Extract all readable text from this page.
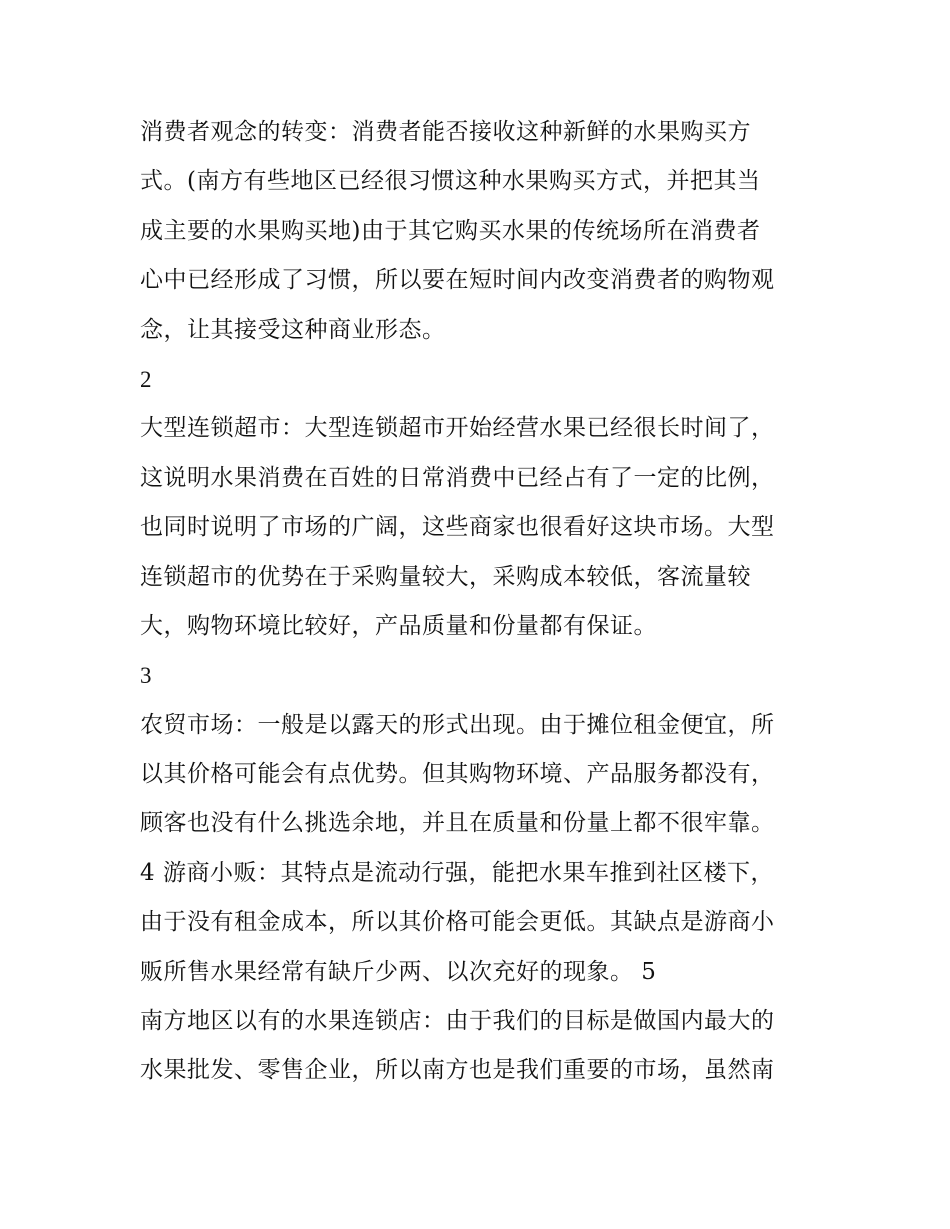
消费者观念的转变：消费者能否接收这种新鲜的水果购买方
式。(南方有些地区已经很习惯这种水果购买方式，并把其当
成主要的水果购买地)由于其它购买水果的传统场所在消费者
心中已经形成了习惯，所以要在短时间内改变消费者的购物观
念，让其接受这种商业形态。
2
大型连锁超市：大型连锁超市开始经营水果已经很长时间了，
这说明水果消费在百姓的日常消费中已经占有了一定的比例，
也同时说明了市场的广阔，这些商家也很看好这块市场。大型
连锁超市的优势在于采购量较大，采购成本较低，客流量较
大，购物环境比较好，产品质量和份量都有保证。
3
农贸市场：一般是以露天的形式出现。由于摊位租金便宜，所
以其价格可能会有点优势。但其购物环境、产品服务都没有，
顾客也没有什么挑选余地，并且在质量和份量上都不很牢靠。
4 游商小贩：其特点是流动行强，能把水果车推到社区楼下，
由于没有租金成本，所以其价格可能会更低。其缺点是游商小
贩所售水果经常有缺斤少两、以次充好的现象。 5
南方地区以有的水果连锁店：由于我们的目标是做国内最大的
水果批发、零售企业，所以南方也是我们重要的市场，虽然南
